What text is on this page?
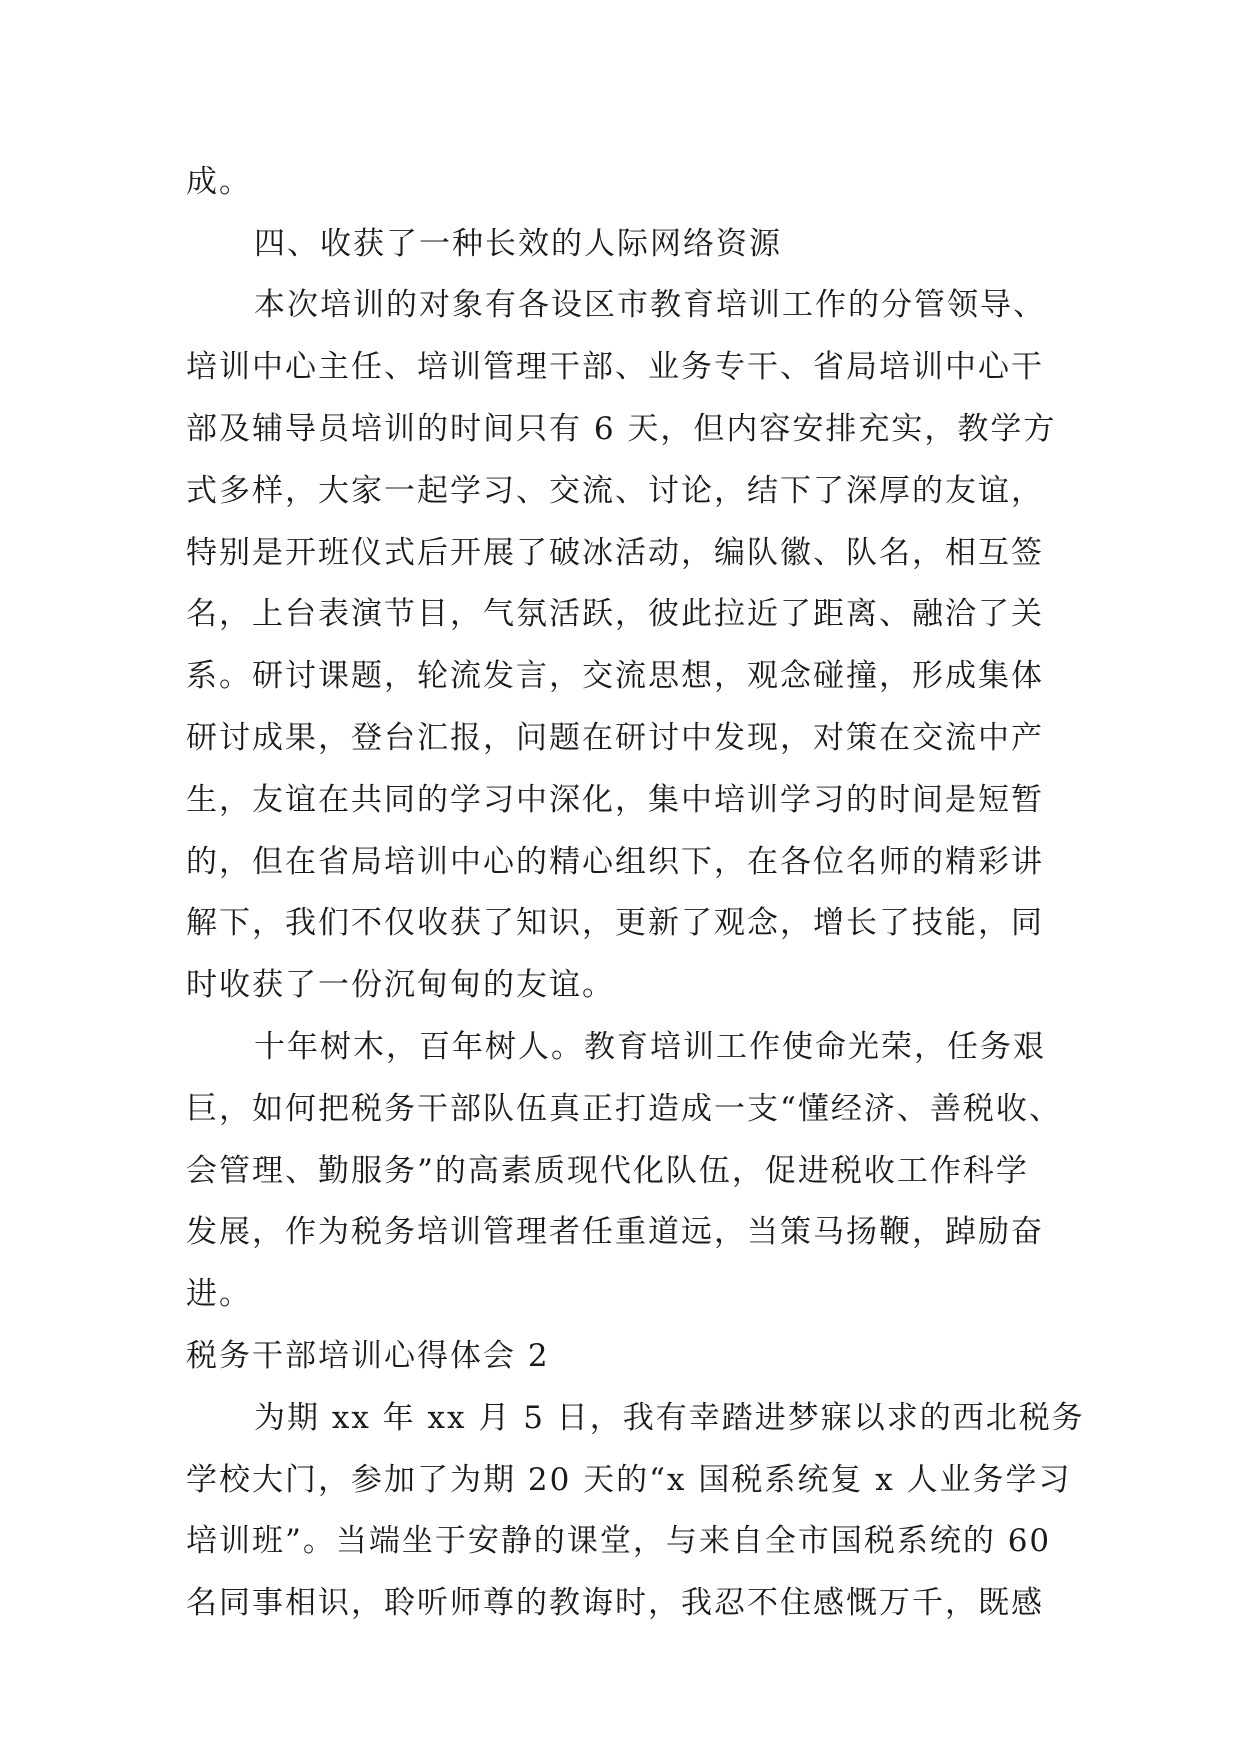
成。
四、收获了一种长效的人际网络资源
本次培训的对象有各设区市教育培训工作的分管领导、
培训中心主任、培训管理干部、业务专干、省局培训中心干
部及辅导员培训的时间只有 6 天，但内容安排充实，教学方
式多样，大家一起学习、交流、讨论，结下了深厚的友谊，
特别是开班仪式后开展了破冰活动，编队徽、队名，相互签
名，上台表演节目，气氛活跃，彼此拉近了距离、融洽了关
系。研讨课题，轮流发言，交流思想，观念碰撞，形成集体
研讨成果，登台汇报，问题在研讨中发现，对策在交流中产
生，友谊在共同的学习中深化，集中培训学习的时间是短暂
的，但在省局培训中心的精心组织下，在各位名师的精彩讲
解下，我们不仅收获了知识，更新了观念，增长了技能，同
时收获了一份沉甸甸的友谊。
十年树木，百年树人。教育培训工作使命光荣，任务艰
巨，如何把税务干部队伍真正打造成一支“懂经济、善税收、
会管理、勤服务”的高素质现代化队伍，促进税收工作科学
发展，作为税务培训管理者任重道远，当策马扬鞭，踔励奋
进。
税务干部培训心得体会 2
为期 xx 年 xx 月 5 日，我有幸踏进梦寐以求的西北税务
学校大门，参加了为期 20 天的“x 国税系统复 x 人业务学习
培训班”。当端坐于安静的课堂，与来自全市国税系统的 60
名同事相识，聆听师尊的教诲时，我忍不住感慨万千，既感
